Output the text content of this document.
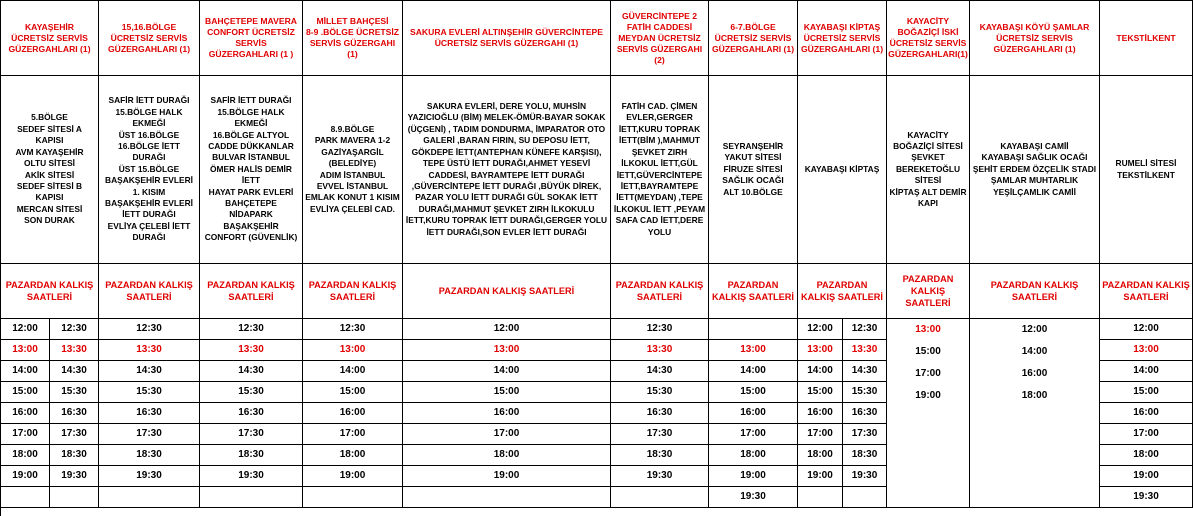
KAYAŞEHİR ÜCRETSİZ SERVİS GÜZERGAHLARI (1)
5.BÖLGE
SEDEF SİTESİ A KAPISI
AVM KAYAŞEHİR
OLTU SİTESİ
AKİK SİTESİ
SEDEF SİTESİ B KAPISI
MERCAN SİTESİ
SON DURAK
PAZARDAN KALKIŞ SAATLERİ
12:00 12:30
13:00 13:30
14:00 14:30
15:00 15:30
16:00 16:30
17:00 17:30
18:00 18:30
19:00 19:30
15,16.BÖLGE ÜCRETSİZ SERVİS GÜZERGAHLARI (1)
SAFİR İETT DURAĞI
15.BÖLGE HALK EKMEĞİ
ÜST 16.BÖLGE
16.BÖLGE İETT DURAĞI
ÜST 15.BÖLGE
BAŞAKŞEHİR EVLERİ 1. KISIM
BAŞAKŞEHİR EVLERİ İETT DURAĞI
EVLİYA ÇELEBİ İETT DURAĞI
PAZARDAN KALKIŞ SAATLERİ
12:30
13:30
14:30
15:30
16:30
17:30
18:30
19:30
BAHÇETEPE MAVERA CONFORT ÜCRETSİZ SERVİS GÜZERGAHLARI (1 )
SAFİR İETT DURAĞI
15.BÖLGE HALK EKMEĞİ
16.BÖLGE ALTYOL
CADDE DÜKKANLAR
BULVAR İSTANBUL ÖMER HALİS DEMİR İETT
HAYAT PARK EVLERİ
BAHÇETEPE
NİDAPARK BAŞAKŞEHİR
CONFORT (GÜVENLİK)
PAZARDAN KALKIŞ SAATLERİ
12:30
13:30
14:30
15:30
16:30
17:30
18:30
19:30
MİLLET BAHÇESİ
8-9 .BÖLGE ÜCRETSİZ SERVİS GÜZERGAHI (1)
8.9.BÖLGE
PARK MAVERA 1-2
GAZİYAŞARGİL
(BELEDİYE)
ADIM İSTANBUL
EVVEL İSTANBUL
EMLAK KONUT 1 KISIM
EVLİYA ÇELEBİ CAD.
PAZARDAN KALKIŞ SAATLERİ
12:30
13:00
14:00
15:00
16:00
17:00
18:00
19:00
SAKURA EVLERİ ALTINŞEHİR GÜVERCİNTEPE ÜCRETSİZ SERVİS GÜZERGAHI (1)
SAKURA EVLERİ, DERE YOLU, MUHSİN YAZICIOĞLU (BİM) MELEK-ÖMÜR-BAYAR SOKAK (ÜÇGENİ) , TADIM DONDURMA, İMPARATOR OTO GALERİ ,BARAN FIRIN, SU DEPOSU İETT, GÖKDEPE İETT(ANTEPHAN KÜNEFE KARŞISI), TEPE ÜSTÜ İETT DURAĞI,AHMET YESEVİ CADDESİ, BAYRAMTEPE İETT DURAĞI ,GÜVERCİNTEPE İETT DURAĞI ,BÜYÜK DİREK, PAZAR YOLU İETT DURAĞI GÜL SOKAK İETT DURAĞI,MAHMUT ŞEVKET ZIRH İLKOKULU İETT,KURU TOPRAK İETT DURAĞI,GERGER YOLU İETT DURAĞI,SON EVLER İETT DURAĞI
PAZARDAN KALKIŞ SAATLERİ
12:00
13:00
14:00
15:00
16:00
17:00
18:00
19:00
GÜVERCİNTEPE 2 FATİH CADDESİ MEYDAN ÜCRETSİZ SERVİS GÜZERGAHI (2)
FATİH CAD. ÇİMEN EVLER,GERGER İETT,KURU TOPRAK İETT(BİM ),MAHMUT ŞEVKET ZIRH İLKOKUL İETT,GÜL İETT,GÜVERCİNTEPE İETT,BAYRAMTEPE İETT(MEYDAN) ,TEPE İLKOKUL İETT ,PEYAM SAFA CAD İETT,DERE YOLU
PAZARDAN KALKIŞ SAATLERİ
12:30
13:30
14:30
15:30
16:30
17:30
18:30
19:30
6-7.BÖLGE ÜCRETSİZ SERVİS GÜZERGAHLARI (1)
SEYRANŞEHİR
YAKUT SİTESİ
FİRUZE SİTESİ
SAĞLIK OCAĞI
ALT 10.BÖLGE
PAZARDAN KALKIŞ SAATLERİ
13:00
14:00
15:00
16:00
17:00
18:00
19:00
19:30
KAYABAŞI KİPTAŞ ÜCRETSİZ SERVİS GÜZERGAHLARI (1)
KAYABAŞI KİPTAŞ
PAZARDAN KALKIŞ SAATLERİ
12:00 12:30
13:00 13:30
14:00 14:30
15:00 15:30
16:00 16:30
17:00 17:30
18:00 18:30
19:00 19:30
KAYACİTY BOĞAZİÇİ İSKİ ÜCRETSİZ SERVİS GÜZERGAHLARI(1)
KAYACİTY
BOĞAZİÇİ SİTESİ
ŞEVKET
BEREKETOĞLU
SİTESİ
KİPTAŞ ALT DEMİR
KAPI
PAZARDAN KALKIŞ SAATLERİ
13:00
15:00
17:00
19:00
KAYABAŞI KÖYÜ ŞAMLAR ÜCRETSİZ SERVİS GÜZERGAHLARI (1)
KAYABAŞI CAMİİ
KAYABAŞI SAĞLIK OCAĞI
ŞEHİT ERDEM ÖZÇELİK STADI
ŞAMLAR MUHTARLIK
YEŞİLÇAMLIK CAMİİ
PAZARDAN KALKIŞ SAATLERİ
12:00
14:00
16:00
18:00
TEKSTİLKENT
RUMELİ SİTESİ
TEKSTİLKENT
PAZARDAN KALKIŞ SAATLERİ
12:00
13:00
14:00
15:00
16:00
17:00
18:00
19:00
19:30
